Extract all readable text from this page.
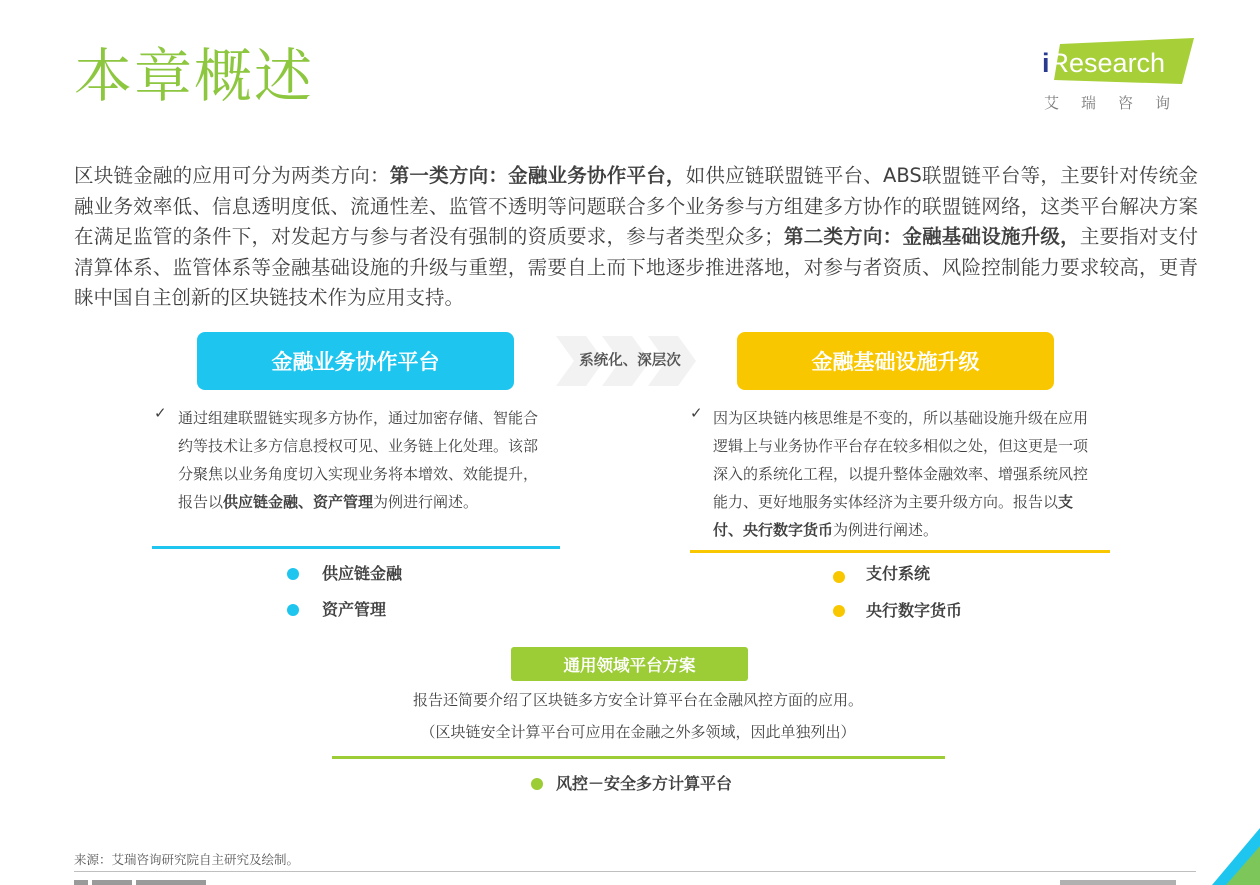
本章概述	iResearch
艾瑞咨询
区块链金融的应用可分为两类方向：第一类方向：金融业务协作平台，如供应链联盟链平台、ABS联盟链平台等，主要针对传统金融业务效率低、信息透明度低、流通性差、监管不透明等问题联合多个业务参与方组建多方协作的联盟链网络，这类平台解决方案在满足监管的条件下，对发起方与参与者没有强制的资质要求，参与者类型众多；第二类方向：金融基础设施升级，主要指对支付清算体系、监管体系等金融基础设施的升级与重塑，需要自上而下地逐步推进落地，对参与者资质、风险控制能力要求较高，更青睐中国自主创新的区块链技术作为应用支持。
金融业务协作平台	系统化、深层次	金融基础设施升级
✓ 通过组建联盟链实现多方协作，通过加密存储、智能合约等技术让多方信息授权可见、业务链上化处理。该部分聚焦以业务角度切入实现业务将本增效、效能提升，报告以供应链金融、资产管理为例进行阐述。
✓ 因为区块链内核思维是不变的，所以基础设施升级在应用逻辑上与业务协作平台存在较多相似之处，但这更是一项深入的系统化工程，以提升整体金融效率、增强系统风控能力、更好地服务实体经济为主要升级方向。报告以支付、央行数字货币为例进行阐述。
供应链金融
资产管理
支付系统
央行数字货币
通用领域平台方案
报告还简要介绍了区块链多方安全计算平台在金融风控方面的应用。
（区块链安全计算平台可应用在金融之外多领域，因此单独列出）
风控－安全多方计算平台
来源：艾瑞咨询研究院自主研究及绘制。
